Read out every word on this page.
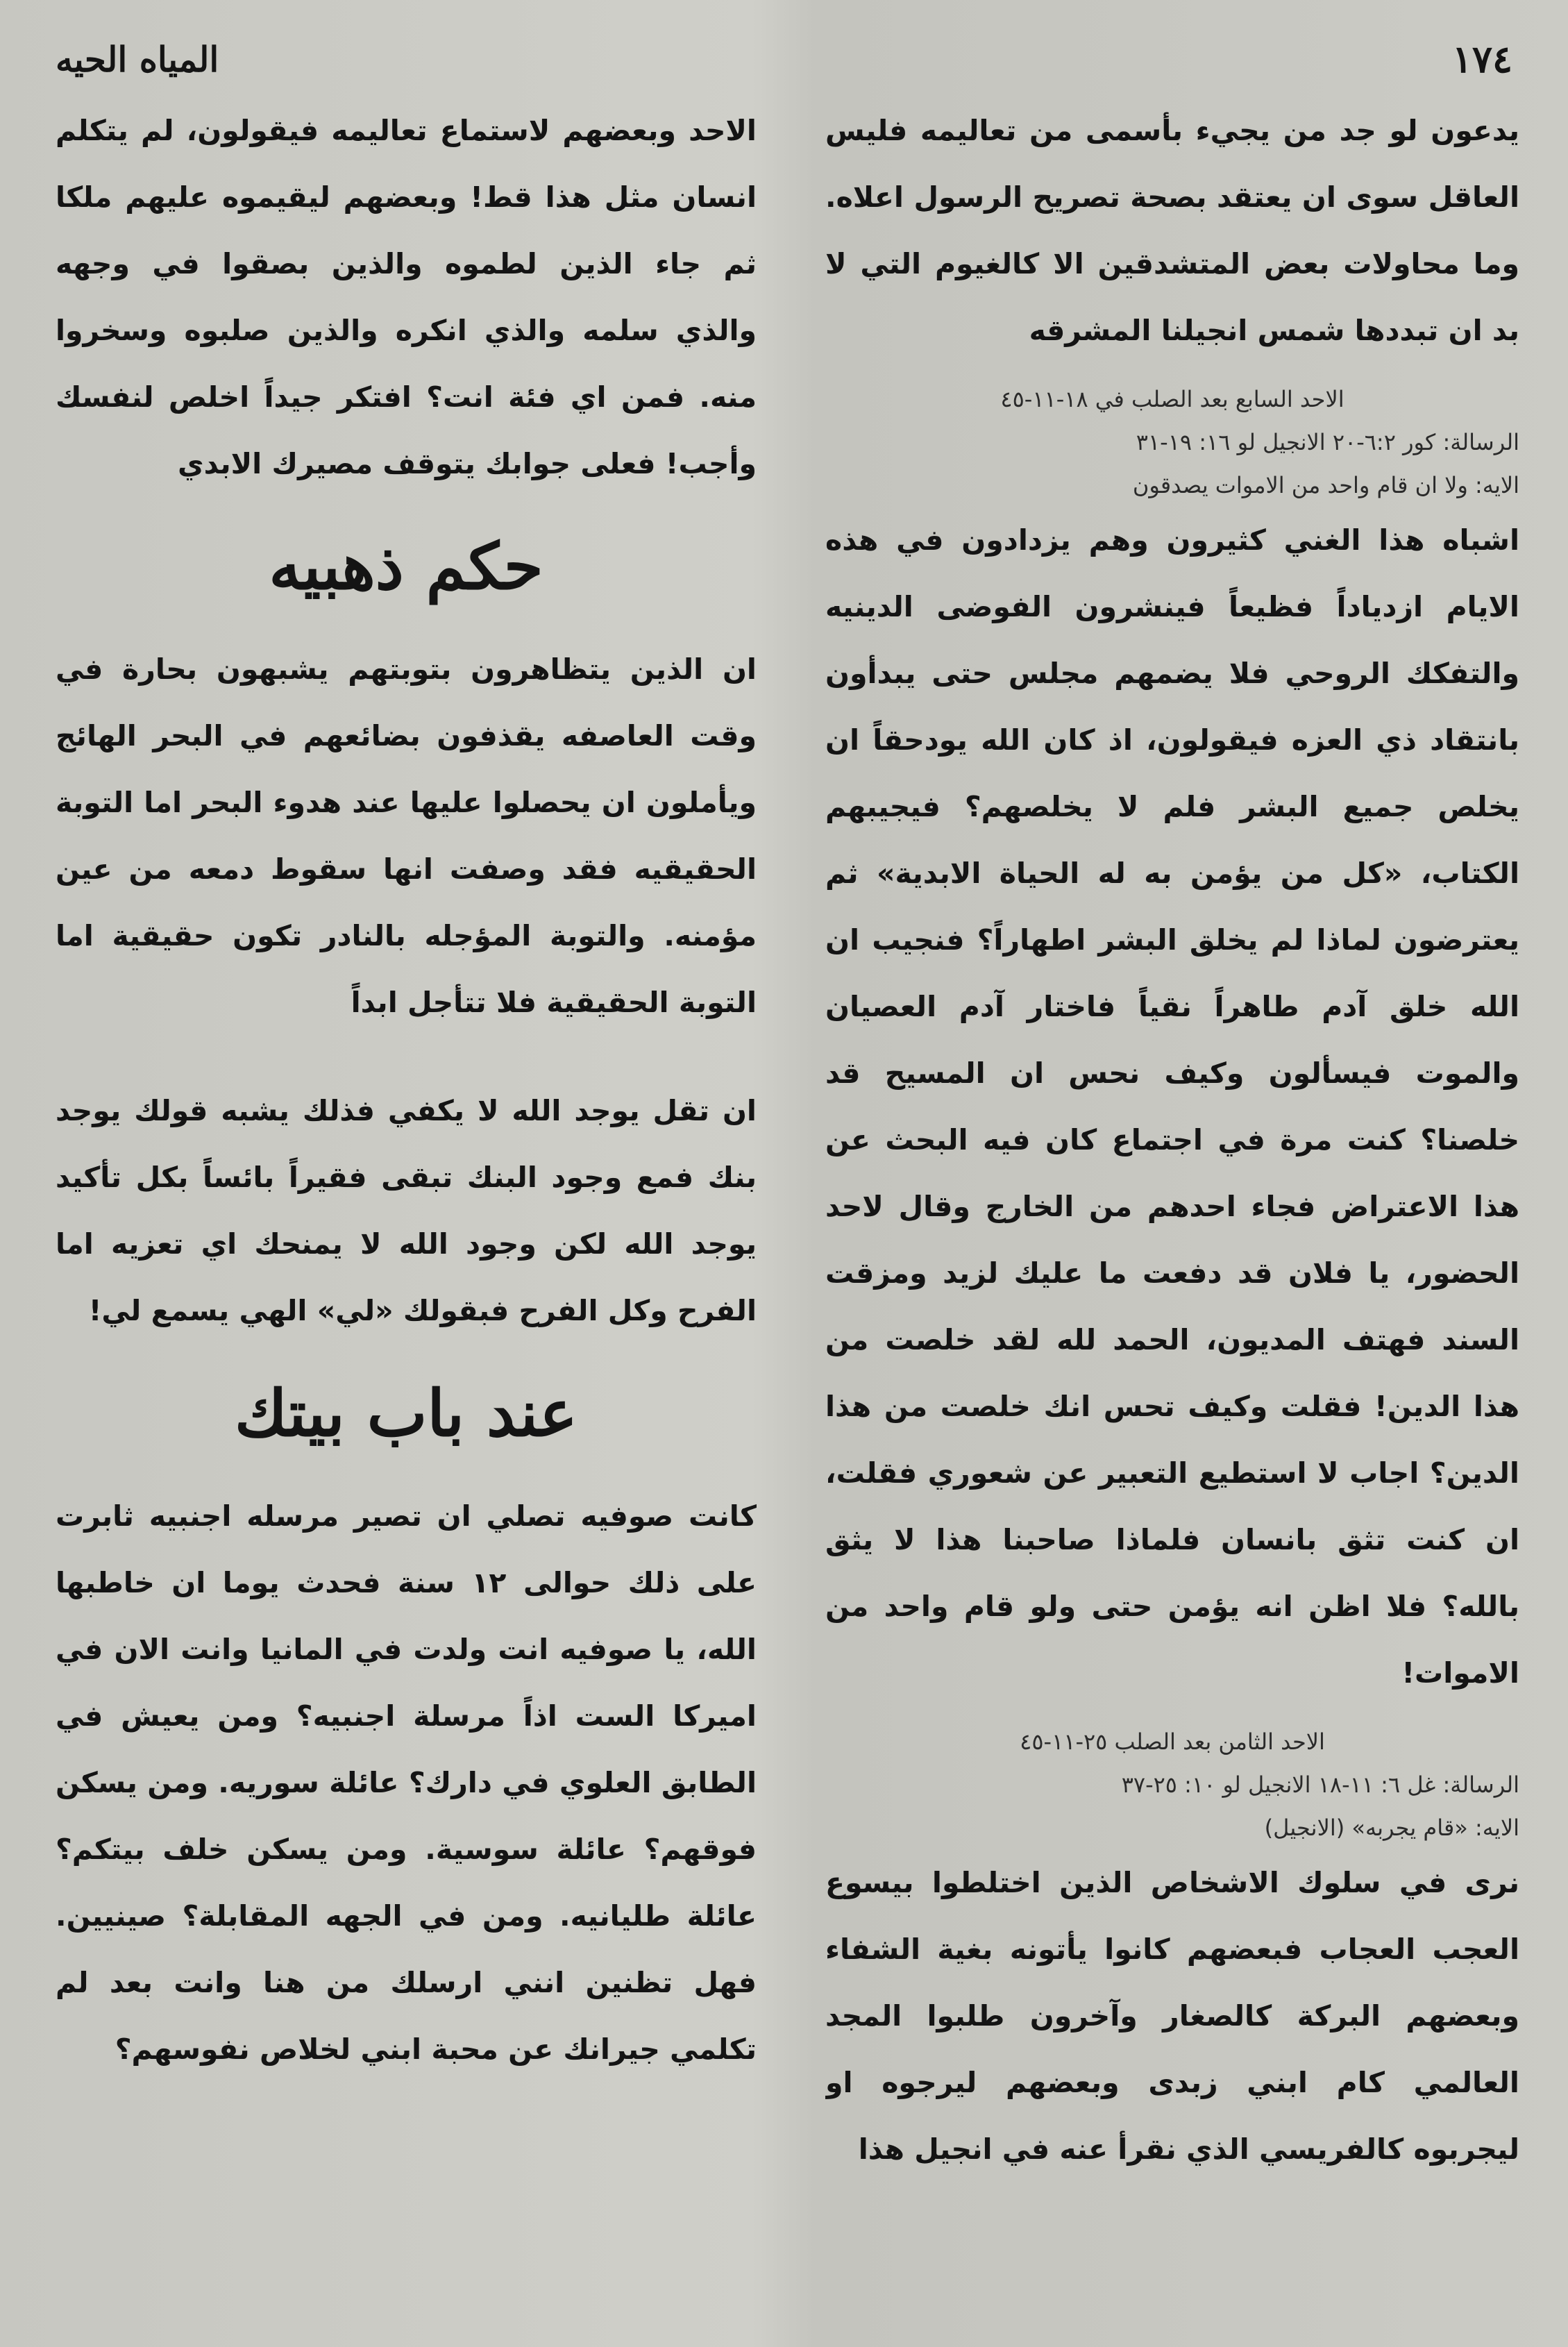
١٧٤
المياه الحيه

يدعون لو جد من يجيء بأسمى من تعاليمه فليس العاقل سوى ان يعتقد بصحة تصريح الرسول اعلاه. وما محاولات بعض المتشدقين الا كالغيوم التي لا بد ان تبددها شمس انجيلنا المشرقه

الاحد السابع بعد الصلب في ١٨-١١-٤٥

الرسالة: كور ٦:٢-٢٠ الانجيل لو ١٦: ١٩-٣١

الايه: ولا ان قام واحد من الاموات يصدقون

اشباه هذا الغني كثيرون وهم يزدادون في هذه الايام ازدياداً فظيعاً فينشرون الفوضى الدينيه والتفكك الروحي فلا يضمهم مجلس حتى يبدأون بانتقاد ذي العزه فيقولون، اذ كان الله يودحقاً ان يخلص جميع البشر فلم لا يخلصهم؟ فيجيبهم الكتاب، «كل من يؤمن به له الحياة الابدية» ثم يعترضون لماذا لم يخلق البشر اطهاراً؟ فنجيب ان الله خلق آدم طاهراً نقياً فاختار آدم العصيان والموت فيسألون وكيف نحس ان المسيح قد خلصنا؟ كنت مرة في اجتماع كان فيه البحث عن هذا الاعتراض فجاء احدهم من الخارج وقال لاحد الحضور، يا فلان قد دفعت ما عليك لزيد ومزقت السند فهتف المديون، الحمد لله لقد خلصت من هذا الدين! فقلت وكيف تحس انك خلصت من هذا الدين؟ اجاب لا استطيع التعبير عن شعوري فقلت، ان كنت تثق بانسان فلماذا صاحبنا هذا لا يثق بالله؟ فلا اظن انه يؤمن حتى ولو قام واحد من الاموات!

الاحد الثامن بعد الصلب ٢٥-١١-٤٥

الرسالة: غل ٦: ١١-١٨ الانجيل لو ١٠: ٢٥-٣٧

الايه: «قام يجربه» (الانجيل)

نرى في سلوك الاشخاص الذين اختلطوا بيسوع العجب العجاب فبعضهم كانوا يأتونه بغية الشفاء وبعضهم البركة كالصغار وآخرون طلبوا المجد العالمي كام ابني زبدى وبعضهم ليرجوه او ليجربوه كالفريسي الذي نقرأ عنه في انجيل هذا

الاحد وبعضهم لاستماع تعاليمه فيقولون، لم يتكلم انسان مثل هذا قط! وبعضهم ليقيموه عليهم ملكا ثم جاء الذين لطموه والذين بصقوا في وجهه والذي سلمه والذي انكره والذين صلبوه وسخروا منه. فمن اي فئة انت؟ افتكر جيداً اخلص لنفسك وأجب! فعلى جوابك يتوقف مصيرك الابدي

حكم ذهبيه

ان الذين يتظاهرون بتوبتهم يشبهون بحارة في وقت العاصفه يقذفون بضائعهم في البحر الهائج ويأملون ان يحصلوا عليها عند هدوء البحر اما التوبة الحقيقيه فقد وصفت انها سقوط دمعه من عين مؤمنه. والتوبة المؤجله بالنادر تكون حقيقية اما التوبة الحقيقية فلا تتأجل ابداً

ان تقل يوجد الله لا يكفي فذلك يشبه قولك يوجد بنك فمع وجود البنك تبقى فقيراً بائساً بكل تأكيد يوجد الله لكن وجود الله لا يمنحك اي تعزيه اما الفرح وكل الفرح فبقولك «لي» الهي يسمع لي!

عند باب بيتك

كانت صوفيه تصلي ان تصير مرسله اجنبيه ثابرت على ذلك حوالى ١٢ سنة فحدث يوما ان خاطبها الله، يا صوفيه انت ولدت في المانيا وانت الان في اميركا الست اذاً مرسلة اجنبيه؟ ومن يعيش في الطابق العلوي في دارك؟ عائلة سوريه. ومن يسكن فوقهم؟ عائلة سوسية. ومن يسكن خلف بيتكم؟ عائلة طليانيه. ومن في الجهه المقابلة؟ صينيين. فهل تظنين انني ارسلك من هنا وانت بعد لم تكلمي جيرانك عن محبة ابني لخلاص نفوسهم؟
